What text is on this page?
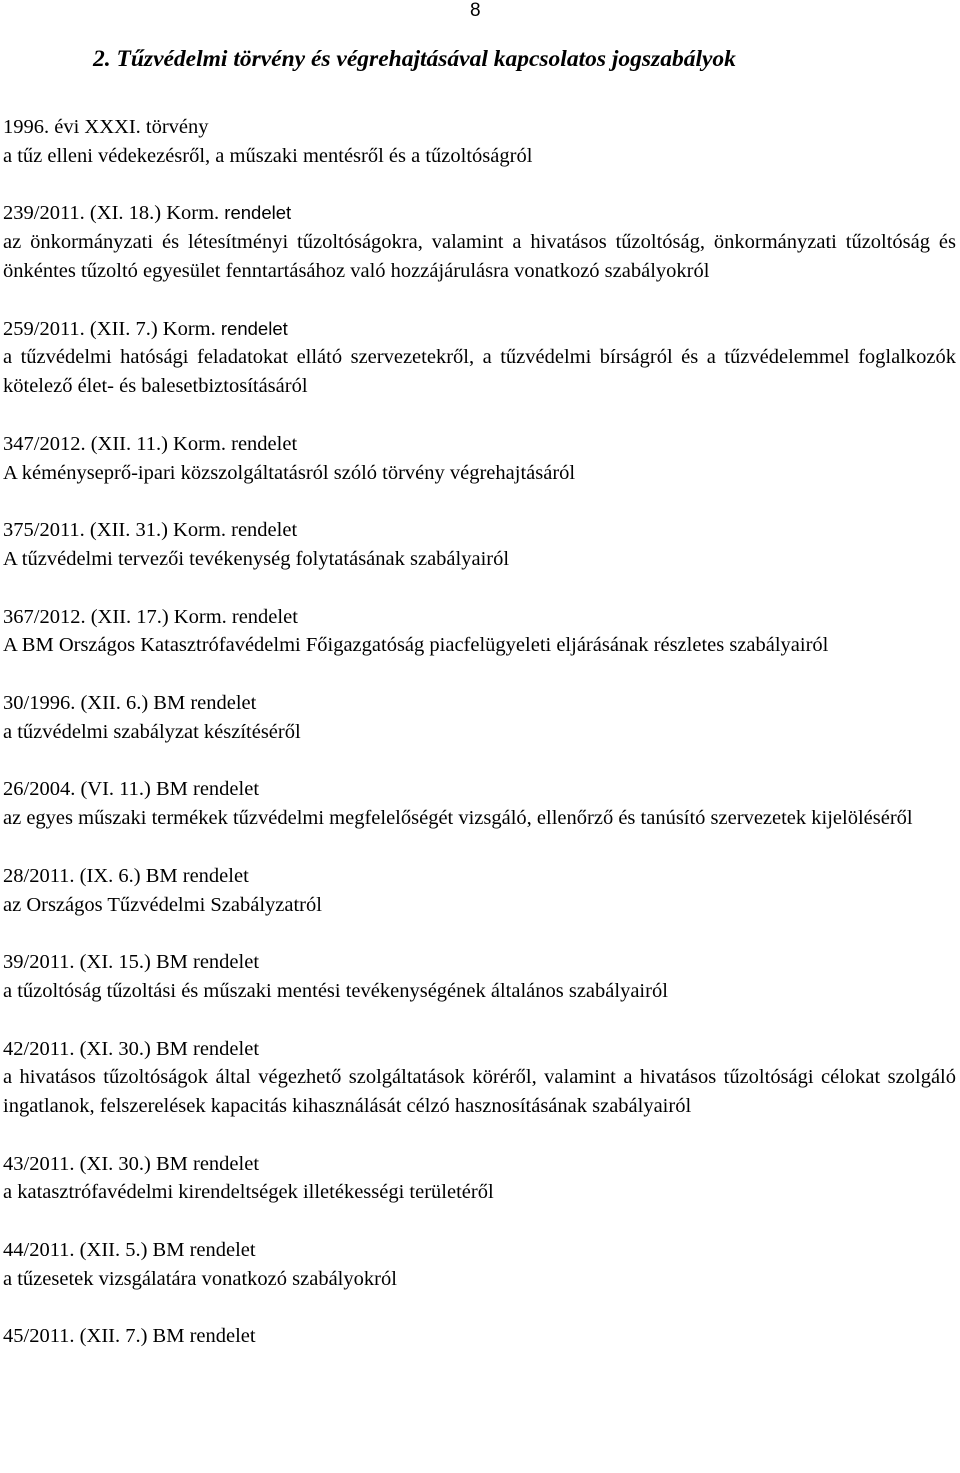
8
2. Tűzvédelmi törvény és végrehajtásával kapcsolatos jogszabályok
1996. évi XXXI. törvény
a tűz elleni védekezésről, a műszaki mentésről és a tűzoltóságról
239/2011. (XI. 18.) Korm. rendelet
az önkormányzati és létesítményi tűzoltóságokra, valamint a hivatásos tűzoltóság, önkormányzati tűzoltóság és önkéntes tűzoltó egyesület fenntartásához való hozzájárulásra vonatkozó szabályokról
259/2011. (XII. 7.) Korm. rendelet
a tűzvédelmi hatósági feladatokat ellátó szervezetekről, a tűzvédelmi bírságról és a tűzvédelemmel foglalkozók kötelező élet- és balesetbiztosításáról
347/2012. (XII. 11.) Korm. rendelet
A kéményseprő-ipari közszolgáltatásról szóló törvény végrehajtásáról
375/2011. (XII. 31.) Korm. rendelet
A tűzvédelmi tervezői tevékenység folytatásának szabályairól
367/2012. (XII. 17.) Korm. rendelet
A BM Országos Katasztrófavédelmi Főigazgatóság piacfelügyeleti eljárásának részletes szabályairól
30/1996. (XII. 6.) BM rendelet
a tűzvédelmi szabályzat készítéséről
26/2004. (VI. 11.) BM rendelet
az egyes műszaki termékek tűzvédelmi megfelelőségét vizsgáló, ellenőrző és tanúsító szervezetek kijelöléséről
28/2011. (IX. 6.) BM rendelet
az Országos Tűzvédelmi Szabályzatról
39/2011. (XI. 15.) BM rendelet
a tűzoltóság tűzoltási és műszaki mentési tevékenységének általános szabályairól
42/2011. (XI. 30.) BM rendelet
a hivatásos tűzoltóságok által végezhető szolgáltatások köréről, valamint a hivatásos tűzoltósági célokat szolgáló ingatlanok, felszerelések kapacitás kihasználását célzó hasznosításának szabályairól
43/2011. (XI. 30.) BM rendelet
a katasztrófavédelmi kirendeltségek illetékességi területéről
44/2011. (XII. 5.) BM rendelet
a tűzesetek vizsgálatára vonatkozó szabályokról
45/2011. (XII. 7.) BM rendelet
